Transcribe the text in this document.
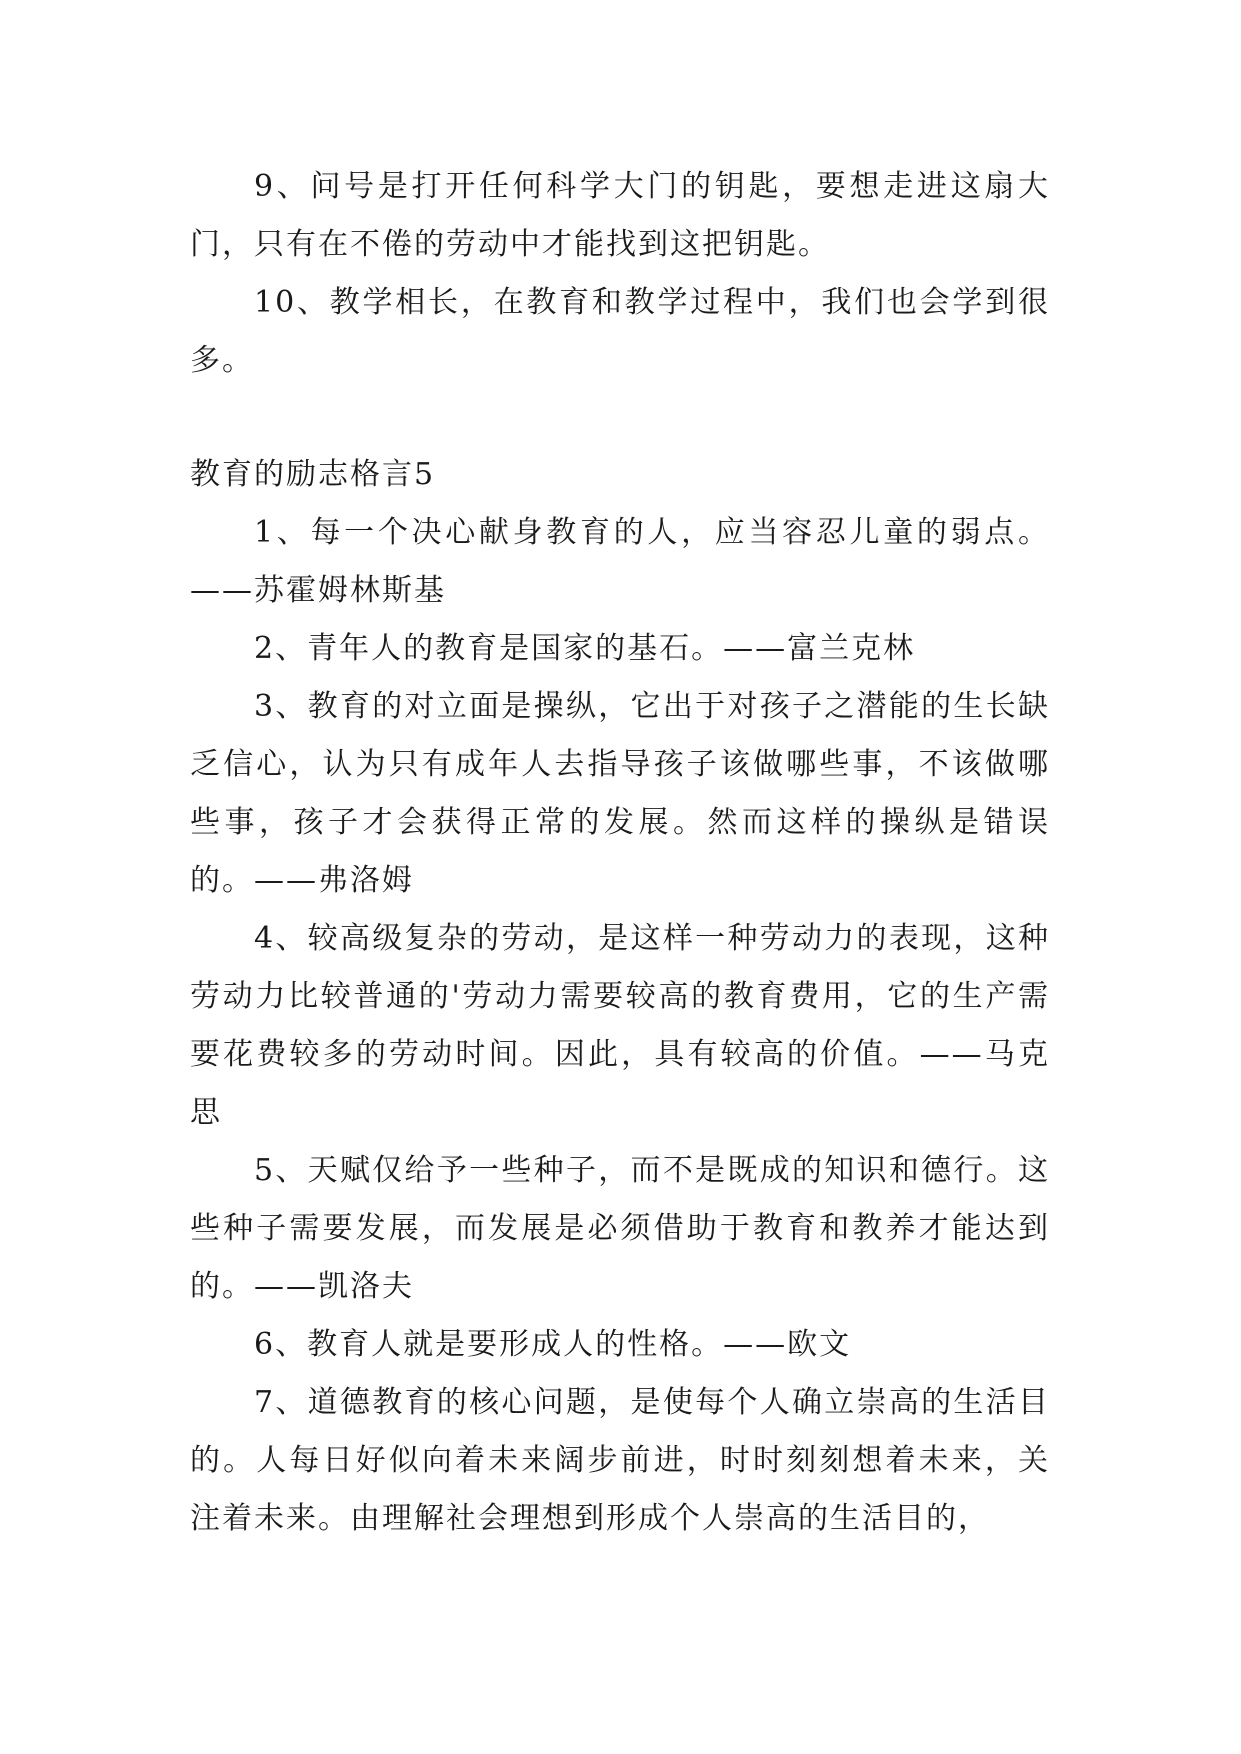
9、问号是打开任何科学大门的钥匙，要想走进这扇大门，只有在不倦的劳动中才能找到这把钥匙。

10、教学相长，在教育和教学过程中，我们也会学到很多。

教育的励志格言5

1、每一个决心献身教育的人，应当容忍儿童的弱点。——苏霍姆林斯基

2、青年人的教育是国家的基石。——富兰克林

3、教育的对立面是操纵，它出于对孩子之潜能的生长缺乏信心，认为只有成年人去指导孩子该做哪些事，不该做哪些事，孩子才会获得正常的发展。然而这样的操纵是错误的。——弗洛姆

4、较高级复杂的劳动，是这样一种劳动力的表现，这种劳动力比较普通的'劳动力需要较高的教育费用，它的生产需要花费较多的劳动时间。因此，具有较高的价值。——马克思

5、天赋仅给予一些种子，而不是既成的知识和德行。这些种子需要发展，而发展是必须借助于教育和教养才能达到的。——凯洛夫

6、教育人就是要形成人的性格。——欧文

7、道德教育的核心问题，是使每个人确立崇高的生活目的。人每日好似向着未来阔步前进，时时刻刻想着未来，关注着未来。由理解社会理想到形成个人崇高的生活目的，
